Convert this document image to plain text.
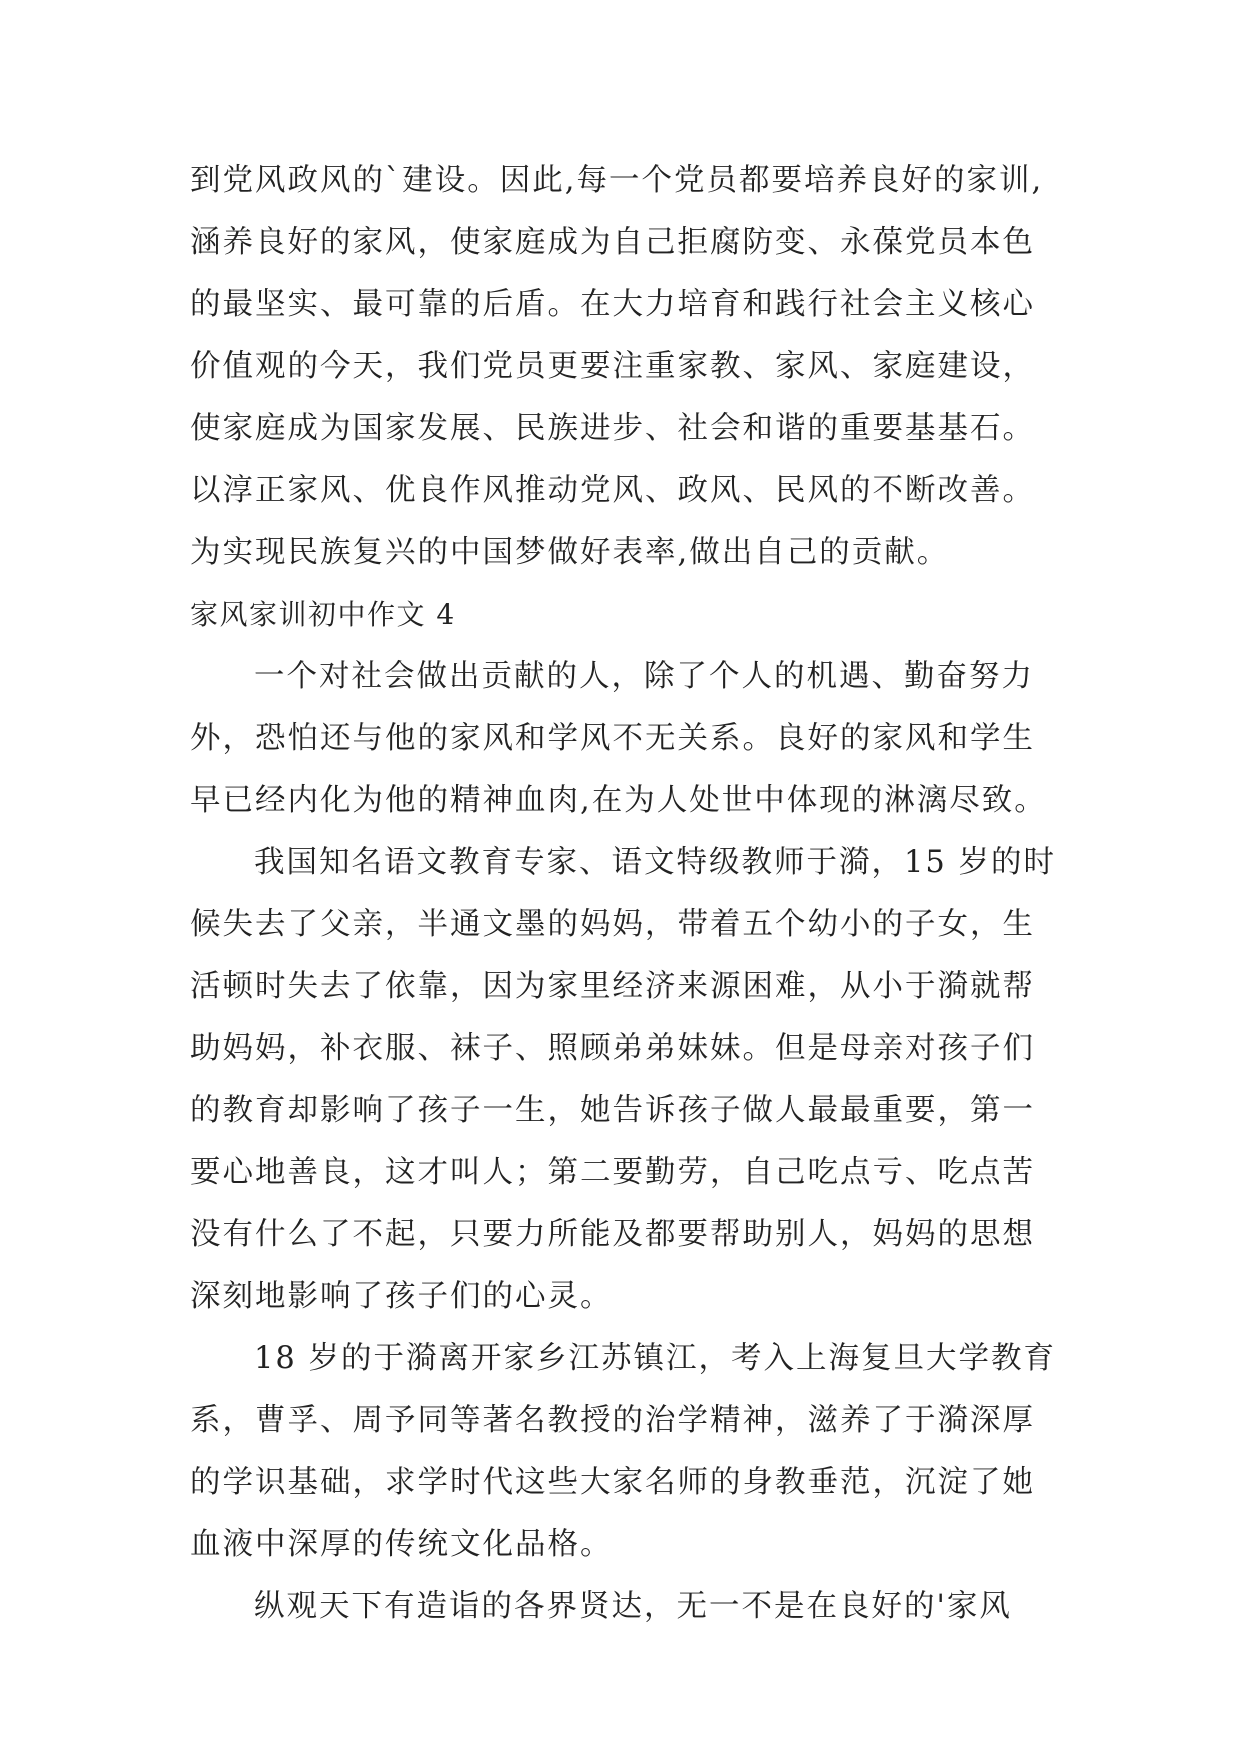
到党风政风的`建设。因此,每一个党员都要培养良好的家训,
涵养良好的家风，使家庭成为自己拒腐防变、永葆党员本色
的最坚实、最可靠的后盾。在大力培育和践行社会主义核心
价值观的今天，我们党员更要注重家教、家风、家庭建设，
使家庭成为国家发展、民族进步、社会和谐的重要基基石。
以淳正家风、优良作风推动党风、政风、民风的不断改善。
为实现民族复兴的中国梦做好表率,做出自己的贡献。
家风家训初中作文 4
一个对社会做出贡献的人，除了个人的机遇、勤奋努力
外，恐怕还与他的家风和学风不无关系。良好的家风和学生
早已经内化为他的精神血肉,在为人处世中体现的淋漓尽致。
我国知名语文教育专家、语文特级教师于漪，15 岁的时
候失去了父亲，半通文墨的妈妈，带着五个幼小的子女，生
活顿时失去了依靠，因为家里经济来源困难，从小于漪就帮
助妈妈，补衣服、袜子、照顾弟弟妹妹。但是母亲对孩子们
的教育却影响了孩子一生，她告诉孩子做人最最重要，第一
要心地善良，这才叫人；第二要勤劳，自己吃点亏、吃点苦
没有什么了不起，只要力所能及都要帮助别人，妈妈的思想
深刻地影响了孩子们的心灵。
18 岁的于漪离开家乡江苏镇江，考入上海复旦大学教育
系，曹孚、周予同等著名教授的治学精神，滋养了于漪深厚
的学识基础，求学时代这些大家名师的身教垂范，沉淀了她
血液中深厚的传统文化品格。
纵观天下有造诣的各界贤达，无一不是在良好的'家风
